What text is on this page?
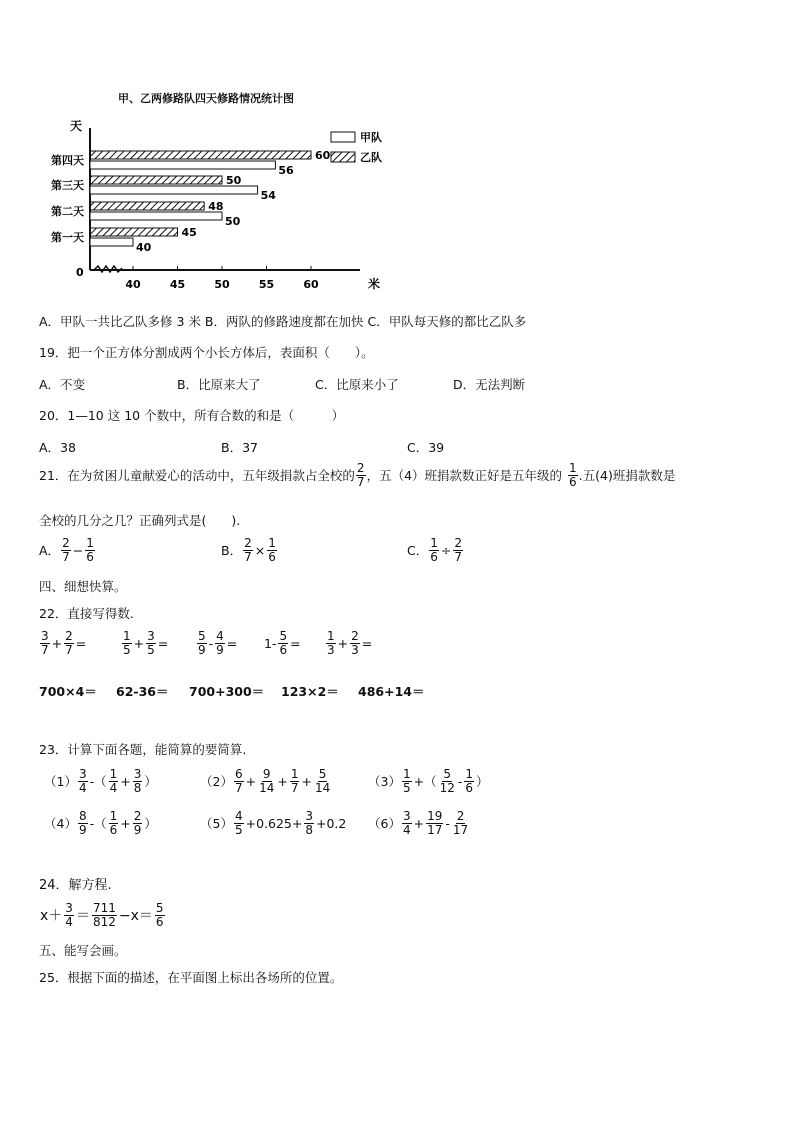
甲、乙两修路队四天修路情况统计图
天
米
0
40	45	50	55	60
第一天	45
40
第二天	48
50
第三天	50
54
第四天	60
56
甲队
乙队
A．甲队一共比乙队多修 3 米 B．两队的修路速度都在加快 C．甲队每天修的都比乙队多
19．把一个正方体分割成两个小长方体后，表面积（　　）。
A．不变	B．比原来大了	C．比原来小了	D．无法判断
20．1—10 这 10 个数中，所有合数的和是（　　　）
A．38	B．37	C．39
21．在为贫困儿童献爱心的活动中，五年级捐款占全校的 $\frac{2}{7}$ ，五（4）班捐款数正好是五年级的 $\frac{1}{6}$ .五(4)班捐款数是
全校的几分之几？正确列式是(　　).
A． $\frac{2}{7} - \frac{1}{6}$	B． $\frac{2}{7} \times \frac{1}{6}$	C． $\frac{1}{6} \div \frac{2}{7}$
四、细想快算。
22．直接写得数.
$\frac{3}{7} + \frac{2}{7}$ =	$\frac{1}{5} + \frac{3}{5} = \frac{5}{9} - \frac{4}{9} = 1- \frac{5}{6} = \frac{1}{3} + \frac{2}{3}$ =
700×4＝ 62-36＝ 700+300＝ 123×2＝ 486+14＝
23．计算下面各题，能简算的要简算.
$(1) \frac{3}{4}$ -（ $\frac{1}{4} + \frac{3}{8}$ ）	$(2) \frac{6}{7} + \frac{9}{14} + \frac{1}{7} + \frac{5}{14}$	$(3) \frac{1}{5}$ +（ $\frac{5}{12} - \frac{1}{6}$ ）
$(4) \frac{8}{9}$ -（ $\frac{1}{6} + \frac{2}{9}$ ）	$(5) \frac{4}{5} +0.625+ \frac{3}{8} +0.2$ $(6) \frac{3}{4} + \frac{19}{17} - \frac{2}{17}$
24．解方程.
$x+ \frac{3}{4} = \frac{711}{812} -x= \frac{5}{6}$
五、能写会画。
25．根据下面的描述，在平面图上标出各场所的位置。
